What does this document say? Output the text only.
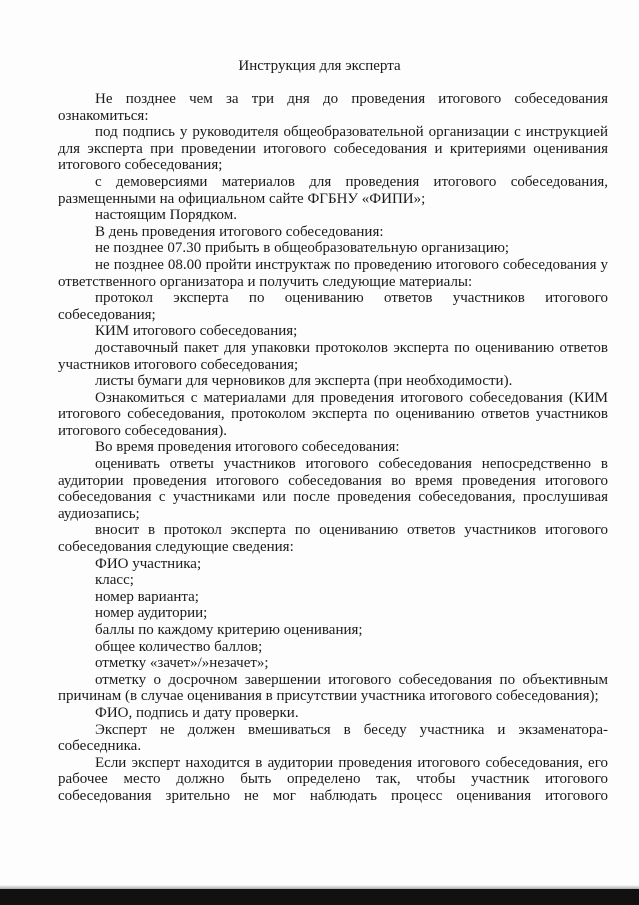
Инструкция для эксперта

Не позднее чем за три дня до проведения итогового собеседования ознакомиться:

под подпись у руководителя общеобразовательной организации с инструкцией для эксперта при проведении итогового собеседования и критериями оценивания итогового собеседования;

с демоверсиями материалов для проведения итогового собеседования, размещенными на официальном сайте ФГБНУ «ФИПИ»;

настоящим Порядком.

В день проведения итогового собеседования:

не позднее 07.30 прибыть в общеобразовательную организацию;

не позднее 08.00 пройти инструктаж по проведению итогового собеседования у ответственного организатора и получить следующие материалы:

протокол эксперта по оцениванию ответов участников итогового собеседования;

КИМ итогового собеседования;

доставочный пакет для упаковки протоколов эксперта по оцениванию ответов участников итогового собеседования;

листы бумаги для черновиков для эксперта (при необходимости).

Ознакомиться с материалами для проведения итогового собеседования (КИМ итогового собеседования, протоколом эксперта по оцениванию ответов участников итогового собеседования).

Во время проведения итогового собеседования:

оценивать ответы участников итогового собеседования непосредственно в аудитории проведения итогового собеседования во время проведения итогового собеседования с участниками или после проведения собеседования, прослушивая аудиозапись;

вносит в протокол эксперта по оцениванию ответов участников итогового собеседования следующие сведения:

ФИО участника;

класс;

номер варианта;

номер аудитории;

баллы по каждому критерию оценивания;

общее количество баллов;

отметку «зачет»/»незачет»;

отметку о досрочном завершении итогового собеседования по объективным причинам (в случае оценивания в присутствии участника итогового собеседования);

ФИО, подпись и дату проверки.

Эксперт не должен вмешиваться в беседу участника и экзаменатора-собеседника.

Если эксперт находится в аудитории проведения итогового собеседования, его рабочее место должно быть определено так, чтобы участник итогового собеседования зрительно не мог наблюдать процесс оценивания итогового
